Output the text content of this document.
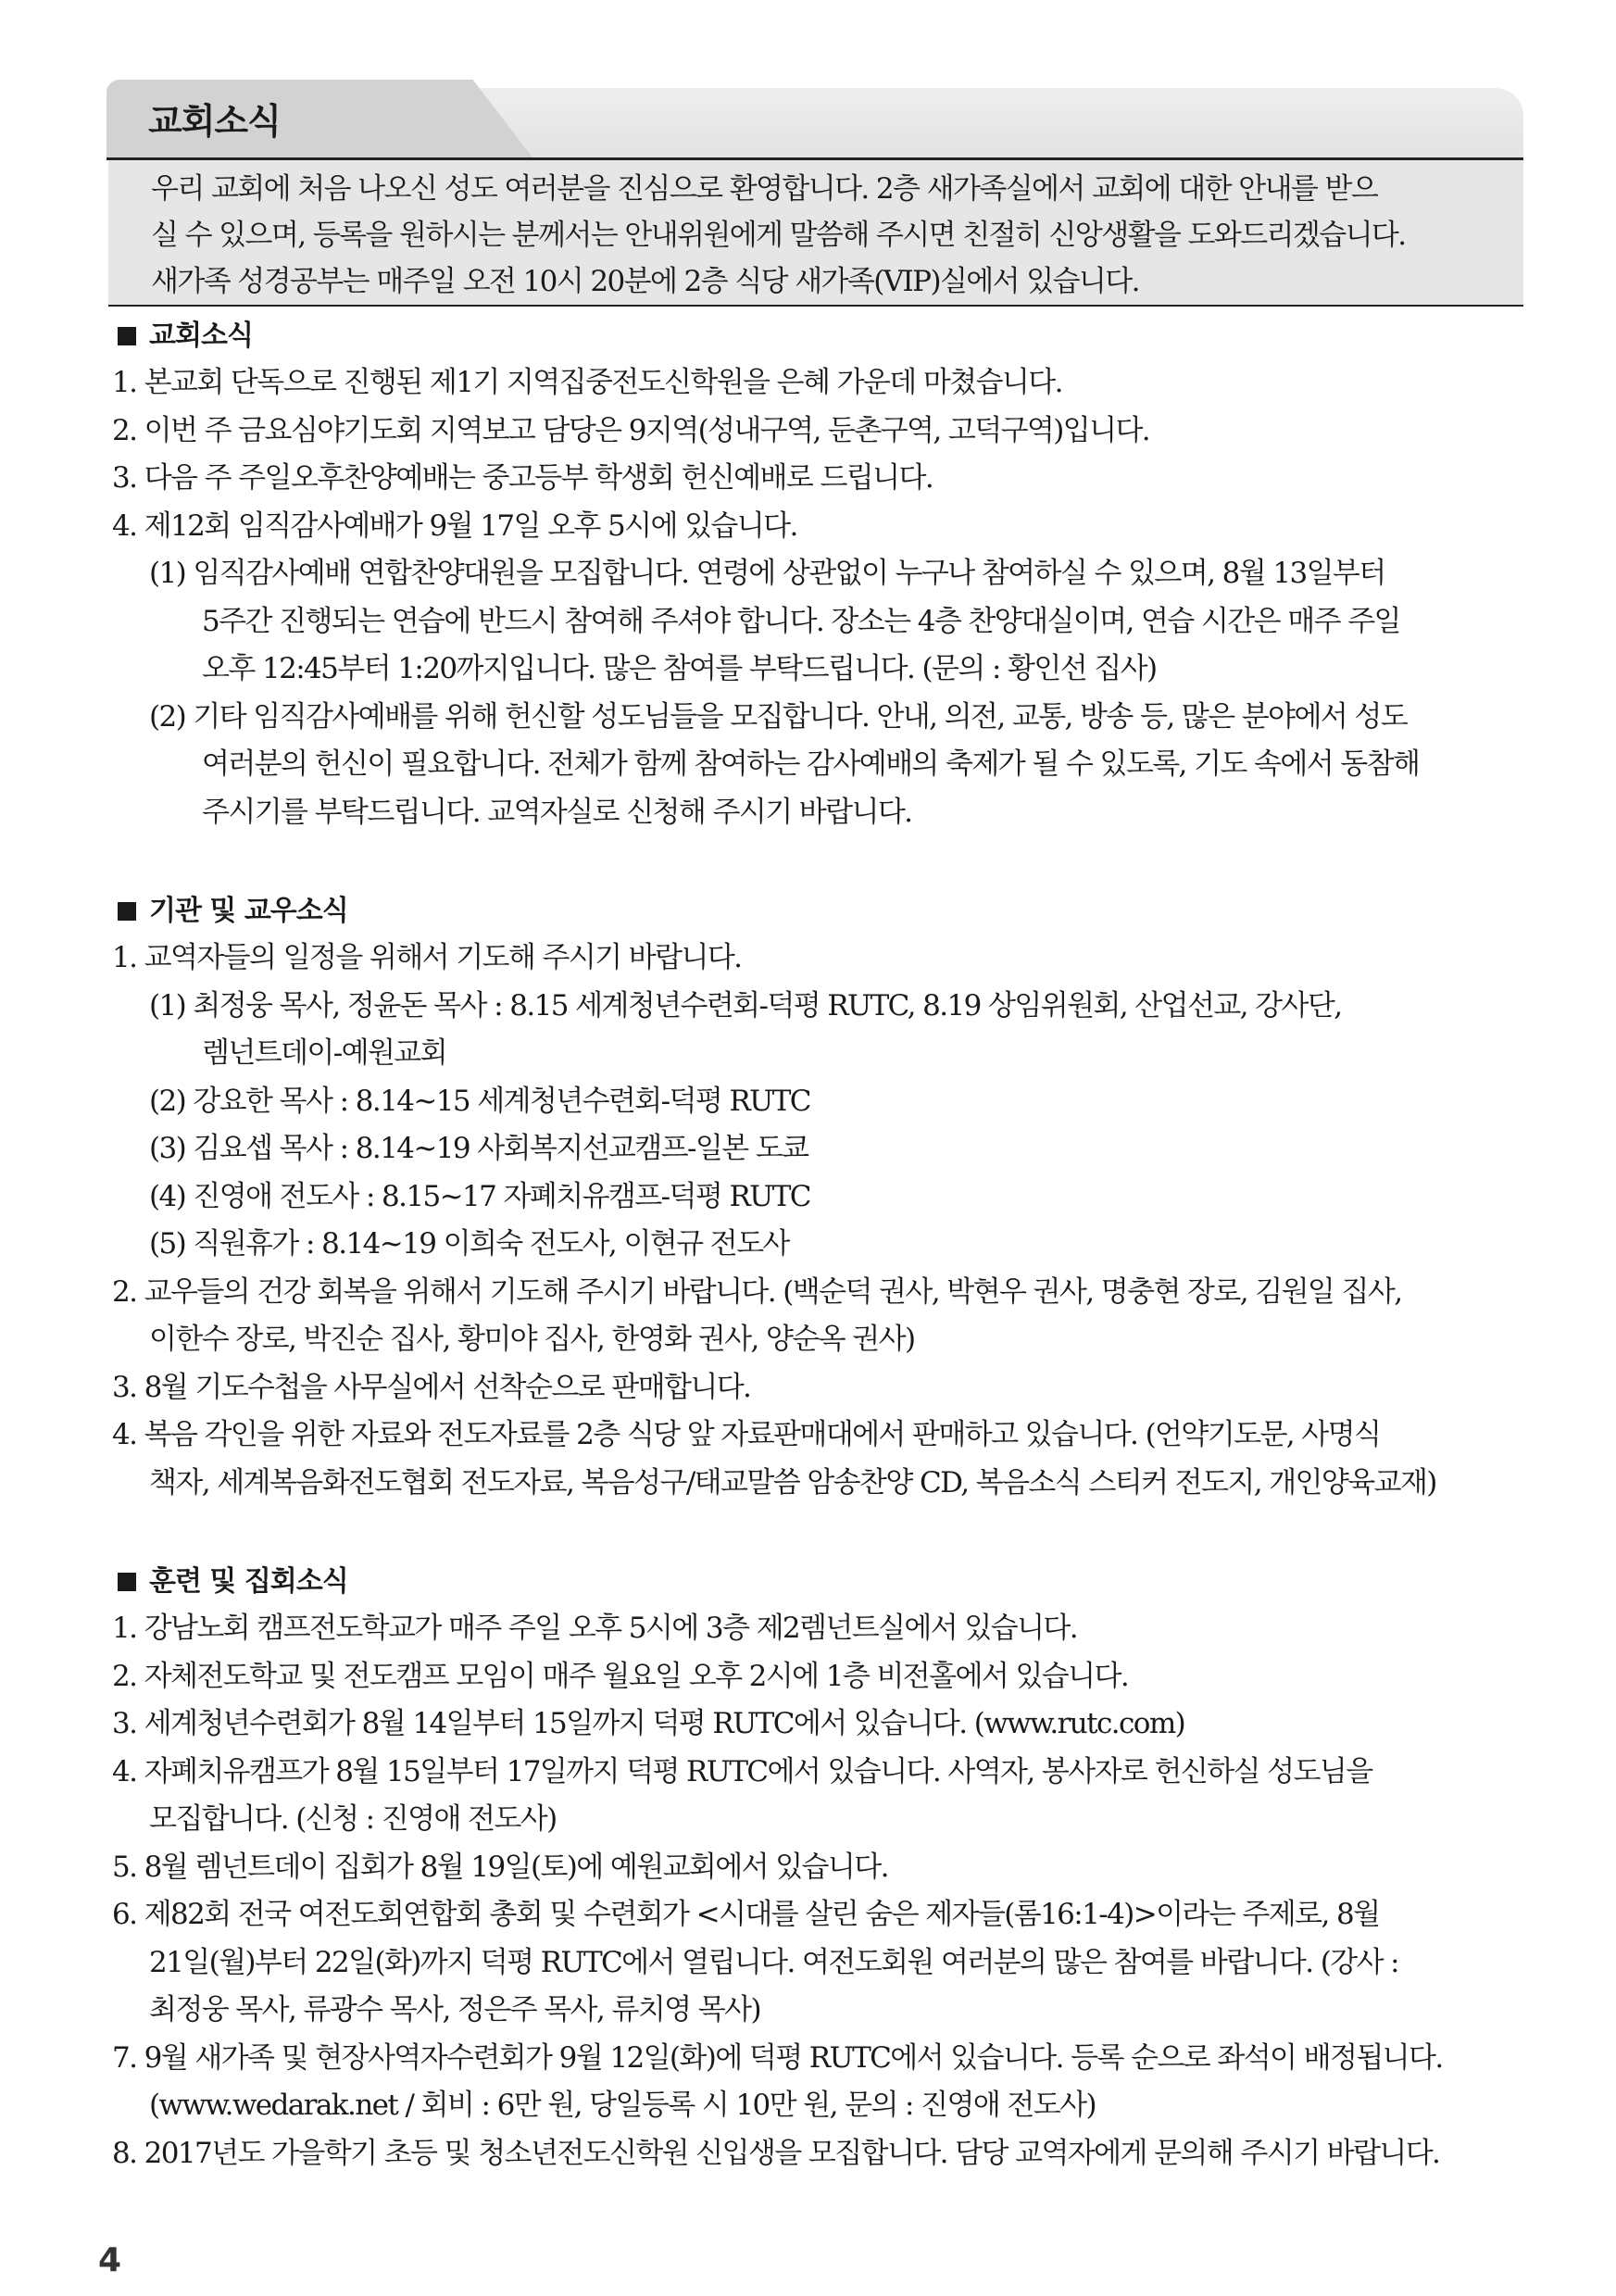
교회소식

우리 교회에 처음 나오신 성도 여러분을 진심으로 환영합니다. 2층 새가족실에서 교회에 대한 안내를 받으

실 수 있으며, 등록을 원하시는 분께서는 안내위원에게 말씀해 주시면 친절히 신앙생활을 도와드리겠습니다.

새가족 성경공부는 매주일 오전 10시 20분에 2층 식당 새가족(VIP)실에서 있습니다.

교회소식
1. 본교회 단독으로 진행된 제1기 지역집중전도신학원을 은혜 가운데 마쳤습니다.
2. 이번 주 금요심야기도회 지역보고 담당은 9지역(성내구역, 둔촌구역, 고덕구역)입니다.
3. 다음 주 주일오후찬양예배는 중고등부 학생회 헌신예배로 드립니다.
4. 제12회 임직감사예배가 9월 17일 오후 5시에 있습니다.
(1) 임직감사예배 연합찬양대원을 모집합니다. 연령에 상관없이 누구나 참여하실 수 있으며, 8월 13일부터
5주간 진행되는 연습에 반드시 참여해 주셔야 합니다. 장소는 4층 찬양대실이며, 연습 시간은 매주 주일
오후 12:45부터 1:20까지입니다. 많은 참여를 부탁드립니다. (문의 : 황인선 집사)
(2) 기타 임직감사예배를 위해 헌신할 성도님들을 모집합니다. 안내, 의전, 교통, 방송 등, 많은 분야에서 성도
여러분의 헌신이 필요합니다. 전체가 함께 참여하는 감사예배의 축제가 될 수 있도록, 기도 속에서 동참해
주시기를 부탁드립니다. 교역자실로 신청해 주시기 바랍니다.
기관 및 교우소식
1. 교역자들의 일정을 위해서 기도해 주시기 바랍니다.
(1) 최정웅 목사, 정윤돈 목사 : 8.15 세계청년수련회-덕평 RUTC, 8.19 상임위원회, 산업선교, 강사단,
렘넌트데이-예원교회
(2) 강요한 목사 : 8.14~15 세계청년수련회-덕평 RUTC
(3) 김요셉 목사 : 8.14~19 사회복지선교캠프-일본 도쿄
(4) 진영애 전도사 : 8.15~17 자폐치유캠프-덕평 RUTC
(5) 직원휴가 : 8.14~19 이희숙 전도사, 이현규 전도사
2. 교우들의 건강 회복을 위해서 기도해 주시기 바랍니다. (백순덕 권사, 박현우 권사, 명충현 장로, 김원일 집사,
이한수 장로, 박진순 집사, 황미야 집사, 한영화 권사, 양순옥 권사)
3. 8월 기도수첩을 사무실에서 선착순으로 판매합니다.
4. 복음 각인을 위한 자료와 전도자료를 2층 식당 앞 자료판매대에서 판매하고 있습니다. (언약기도문, 사명식
책자, 세계복음화전도협회 전도자료, 복음성구/태교말씀 암송찬양 CD, 복음소식 스티커 전도지, 개인양육교재)
훈련 및 집회소식
1. 강남노회 캠프전도학교가 매주 주일 오후 5시에 3층 제2렘넌트실에서 있습니다.
2. 자체전도학교 및 전도캠프 모임이 매주 월요일 오후 2시에 1층 비전홀에서 있습니다.
3. 세계청년수련회가 8월 14일부터 15일까지 덕평 RUTC에서 있습니다. (www.rutc.com)
4. 자폐치유캠프가 8월 15일부터 17일까지 덕평 RUTC에서 있습니다. 사역자, 봉사자로 헌신하실 성도님을
모집합니다. (신청 : 진영애 전도사)
5. 8월 렘넌트데이 집회가 8월 19일(토)에 예원교회에서 있습니다.
6. 제82회 전국 여전도회연합회 총회 및 수련회가 <시대를 살린 숨은 제자들(롬16:1-4)>이라는 주제로, 8월
21일(월)부터 22일(화)까지 덕평 RUTC에서 열립니다. 여전도회원 여러분의 많은 참여를 바랍니다. (강사 :
최정웅 목사, 류광수 목사, 정은주 목사, 류치영 목사)
7. 9월 새가족 및 현장사역자수련회가 9월 12일(화)에 덕평 RUTC에서 있습니다. 등록 순으로 좌석이 배정됩니다.
(www.wedarak.net / 회비 : 6만 원, 당일등록 시 10만 원, 문의 : 진영애 전도사)
8. 2017년도 가을학기 초등 및 청소년전도신학원 신입생을 모집합니다. 담당 교역자에게 문의해 주시기 바랍니다.
4
